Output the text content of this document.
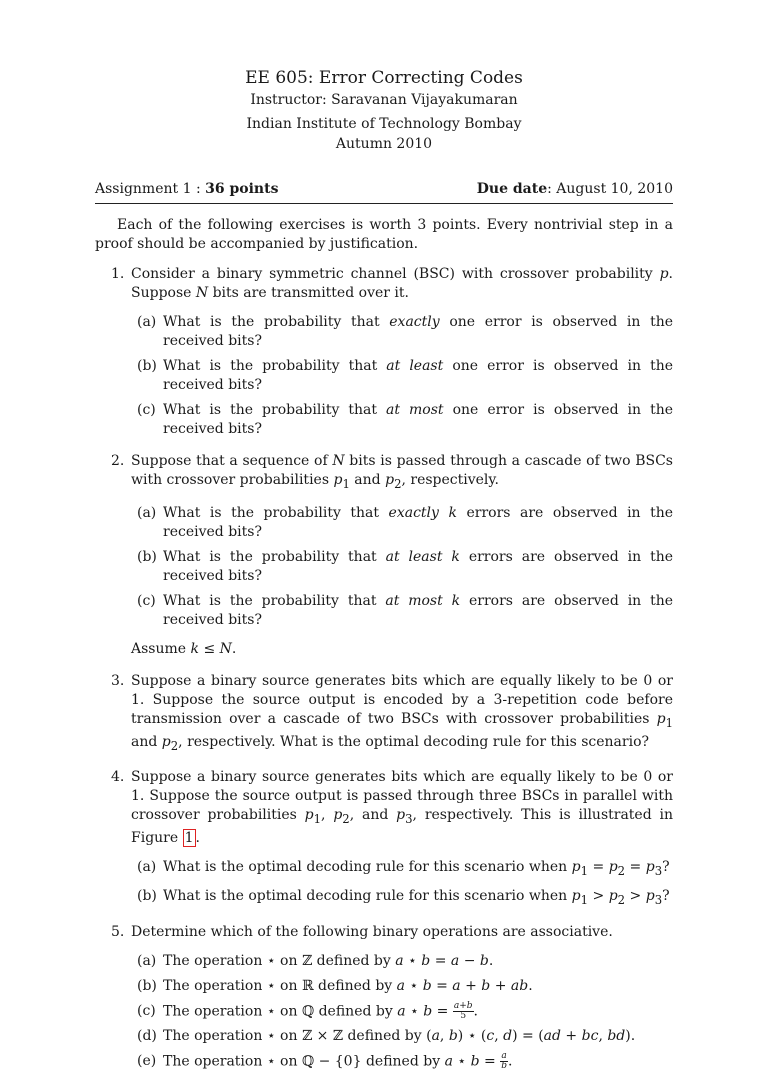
EE 605: Error Correcting Codes
Instructor: Saravanan Vijayakumaran
Indian Institute of Technology Bombay
Autumn 2010
Assignment 1 : 36 points	Due date: August 10, 2010
Each of the following exercises is worth 3 points. Every nontrivial step in a proof should be accompanied by justification.
1. Consider a binary symmetric channel (BSC) with crossover probability p. Suppose N bits are transmitted over it.
(a) What is the probability that exactly one error is observed in the received bits?
(b) What is the probability that at least one error is observed in the received bits?
(c) What is the probability that at most one error is observed in the received bits?
2. Suppose that a sequence of N bits is passed through a cascade of two BSCs with crossover probabilities $p_1$ and $p_2$, respectively.
(a) What is the probability that exactly k errors are observed in the received bits?
(b) What is the probability that at least k errors are observed in the received bits?
(c) What is the probability that at most k errors are observed in the received bits?
Assume k ≤ N.
3. Suppose a binary source generates bits which are equally likely to be 0 or 1. Suppose the source output is encoded by a 3-repetition code before transmission over a cascade of two BSCs with crossover probabilities $p_1$ and $p_2$, respectively. What is the optimal decoding rule for this scenario?
4. Suppose a binary source generates bits which are equally likely to be 0 or 1. Suppose the source output is passed through three BSCs in parallel with crossover probabilities $p_1$, $p_2$, and $p_3$, respectively. This is illustrated in Figure 1 .
(a) What is the optimal decoding rule for this scenario when $p_1 = p_2 = p_3$?
(b) What is the optimal decoding rule for this scenario when $p_1 > p_2 > p_3$?
5. Determine which of the following binary operations are associative.
(a) The operation ⋆ on ℤ defined by a ⋆ b = a − b.
(b) The operation ⋆ on ℝ defined by a ⋆ b = a + b + ab.
(c) The operation ⋆ on ℚ defined by a ⋆ $b = \frac{a+b}{5}$ .
(d) The operation ⋆ on ℤ × ℤ defined by (a, b) ⋆ (c, d) = (ad + bc, bd).
(e) The operation ⋆ on ℚ − {0} defined by a ⋆ $b = \frac{a}{b}$ .
